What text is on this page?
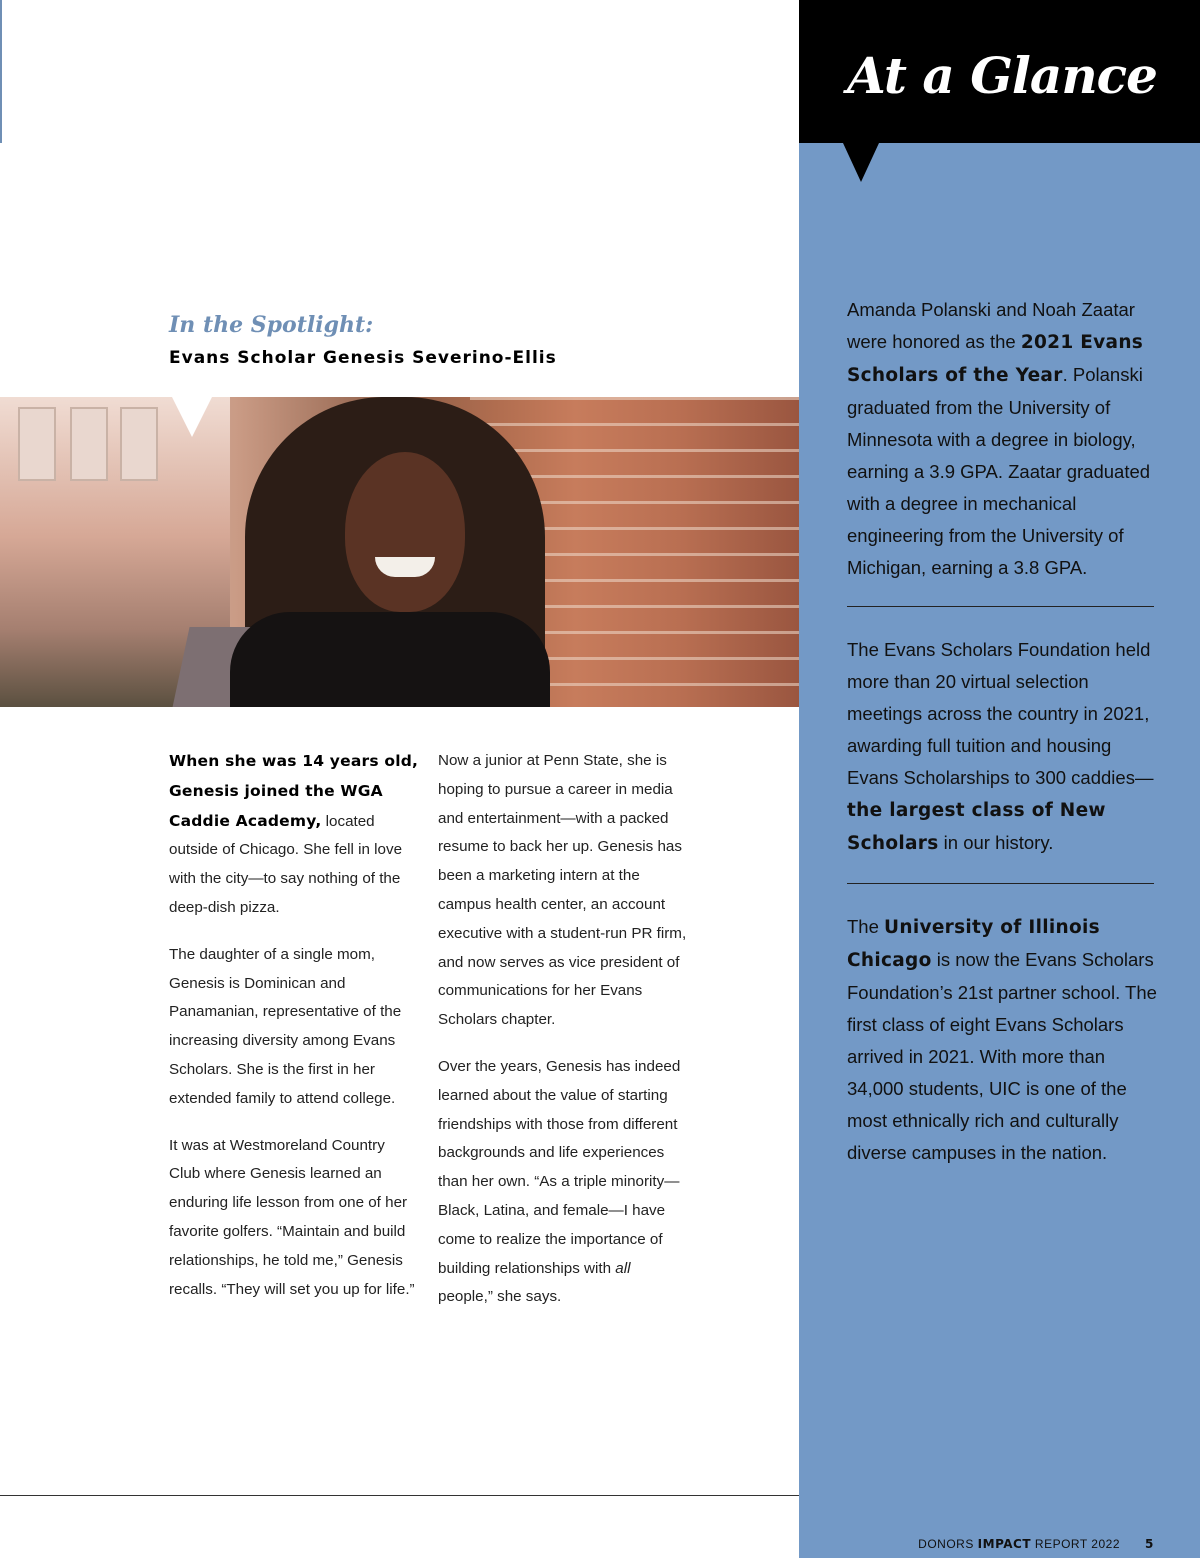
In the Spotlight:
Evans Scholar Genesis Severino-Ellis

When she was 14 years old, Genesis joined the WGA Caddie Academy, located outside of Chicago. She fell in love with the city—to say nothing of the deep-dish pizza.

The daughter of a single mom, Genesis is Dominican and Panamanian, representative of the increasing diversity among Evans Scholars. She is the first in her extended family to attend college.

It was at Westmoreland Country Club where Genesis learned an enduring life lesson from one of her favorite golfers. “Maintain and build relationships, he told me,” Genesis recalls. “They will set you up for life.”

Now a junior at Penn State, she is hoping to pursue a career in media and entertainment—with a packed resume to back her up. Genesis has been a marketing intern at the campus health center, an account executive with a student-run PR firm, and now serves as vice president of communications for her Evans Scholars chapter.

Over the years, Genesis has indeed learned about the value of starting friendships with those from different backgrounds and life experiences than her own. “As a triple minority—Black, Latina, and female—I have come to realize the importance of building relationships with all people,” she says.

At a Glance
Amanda Polanski and Noah Zaatar were honored as the 2021 Evans Scholars of the Year. Polanski graduated from the University of Minnesota with a degree in biology, earning a 3.9 GPA. Zaatar graduated with a degree in mechanical engineering from the University of Michigan, earning a 3.8 GPA.
The Evans Scholars Foundation held more than 20 virtual selection meetings across the country in 2021, awarding full tuition and housing Evans Scholarships to 300 caddies—the largest class of New Scholars in our history.
The University of Illinois Chicago is now the Evans Scholars Foundation’s 21st partner school. The first class of eight Evans Scholars arrived in 2021. With more than 34,000 students, UIC is one of the most ethnically rich and culturally diverse campuses in the nation.
DONORS IMPACT REPORT 2022 5
